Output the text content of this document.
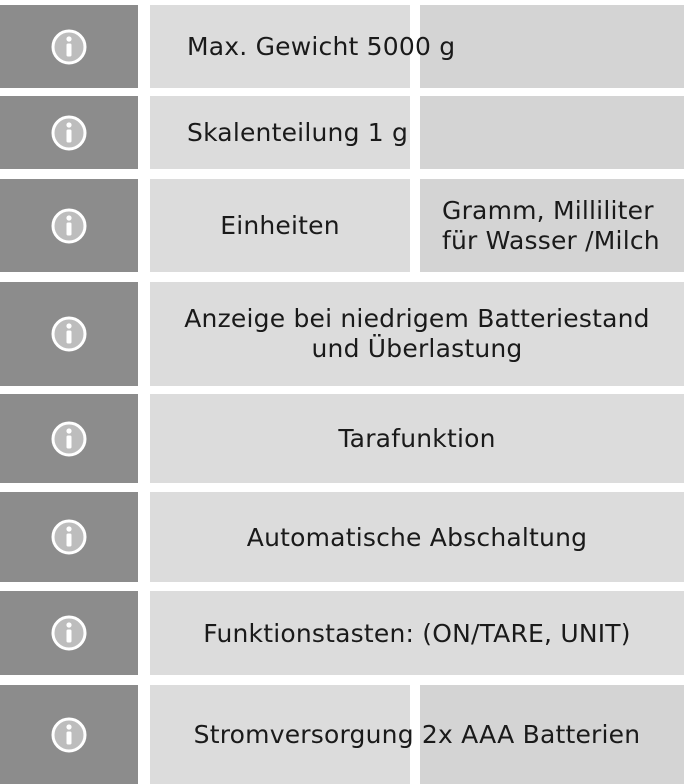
Max. Gewicht 5000 g
Skalenteilung 1 g
Einheiten
Gramm, Milliliter
für Wasser /Milch
Anzeige bei niedrigem Batteriestand
und Überlastung
Tarafunktion
Automatische Abschaltung
Funktionstasten: (ON/TARE, UNIT)
Stromversorgung 2x AAA Batterien
